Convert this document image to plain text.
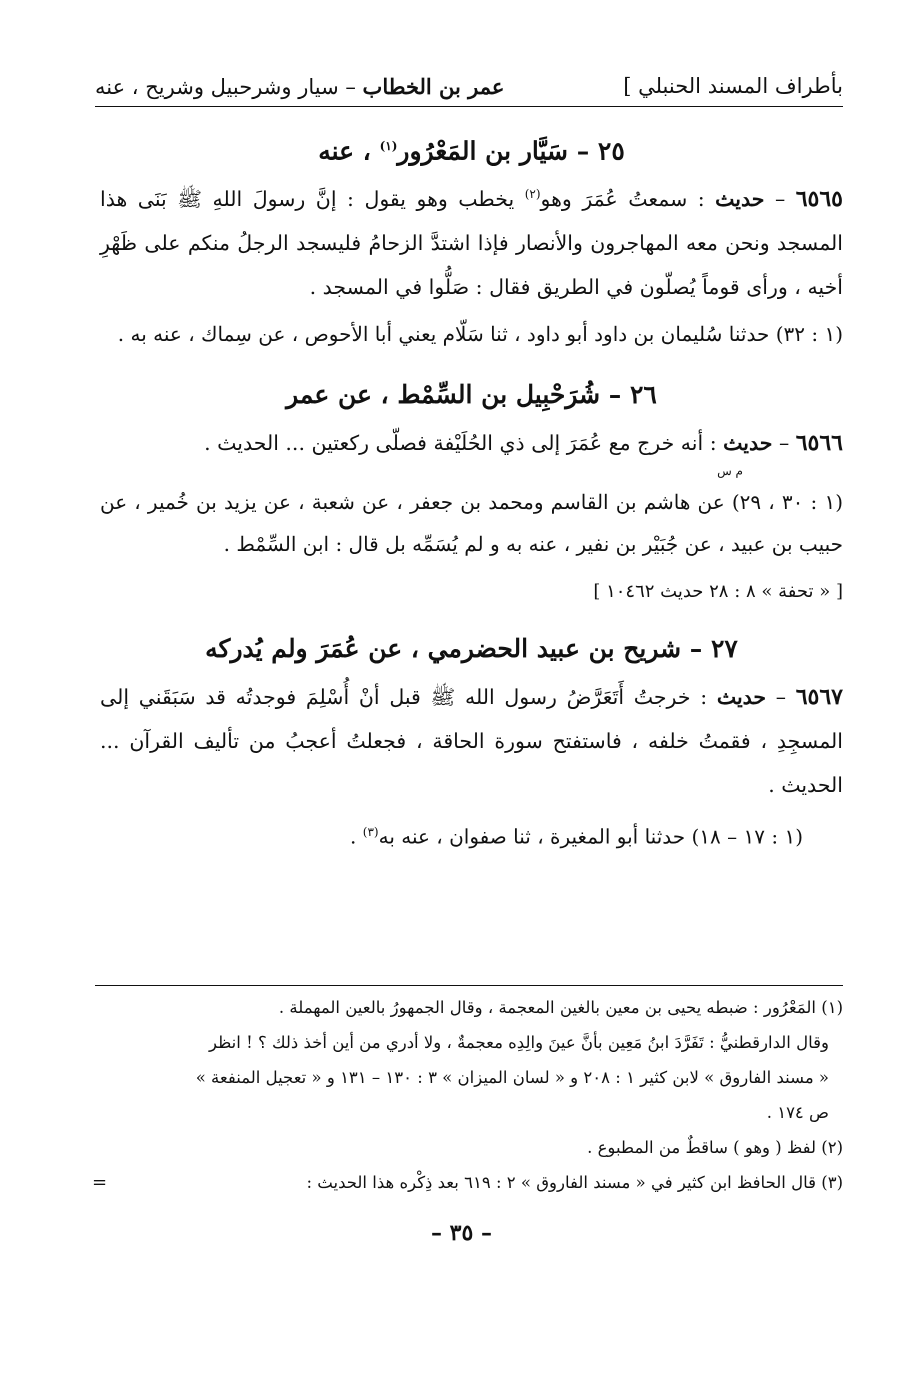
بأطراف المسند الحنبلي ]
عمر بن الخطاب – سيار وشرحبيل وشريح ، عنه
٢٥ – سَيَّار بن المَعْرُور$^{(١)}$ ، عنه
٦٥٦٥ – حديث : سمعتُ عُمَرَ وهو$^{(٢)}$ يخطب وهو يقول : إنَّ رسولَ اللهِ ﷺ بَنَى هذا المسجد ونحن معه المهاجرون والأنصار فإذا اشتدَّ الزحامُ فليسجد الرجلُ منكم على ظَهْرِ أخيه ، ورأى قوماً يُصلّون في الطريق فقال : صَلُّوا في المسجد .
(١ : ٣٢) حدثنا سُليمان بن داود أبو داود ، ثنا سَلّام يعني أبا الأحوص ، عن سِماك ، عنه به .
٢٦ – شُرَحْبِيل بن السِّمْط ، عن عمر
٦٥٦٦ – حديث : أنه خرج مع عُمَرَ إلى ذي الحُلَيْفة فصلّى ركعتين ... الحديث .
م س
(١ : ٣٠ ، ٢٩) عن هاشم بن القاسم ومحمد بن جعفر ، عن شعبة ، عن يزيد بن خُمير ، عن حبيب بن عبيد ، عن جُبَيْر بن نفير ، عنه به و لم يُسَمِّه بل قال : ابن السِّمْط .
[ « تحفة » ٨ : ٢٨ حديث ١٠٤٦٢ ]
٢٧ – شريح بن عبيد الحضرمي ، عن عُمَرَ ولم يُدركه
٦٥٦٧ – حديث : خرجتُ أَتَعَرَّضُ رسول الله ﷺ قبل أنْ أُسْلِمَ فوجدتُه قد سَبَقَني إلى المسجِدِ ، فقمتُ خلفه ، فاستفتح سورة الحاقة ، فجعلتُ أعجبُ من تأليف القرآن ... الحديث .
(١ : ١٧ – ١٨) حدثنا أبو المغيرة ، ثنا صفوان ، عنه به$^{(٣)}$ .
(١) المَعْرُور : ضبطه يحيى بن معين بالغين المعجمة ، وقال الجمهورُ بالعين المهملة .
وقال الدارقطنيُّ : تَفَرَّدَ ابنُ مَعِين بأنَّ عينَ والِدِه معجمةٌ ، ولا أدري من أين أخذ ذلك ؟ ! انظر
« مسند الفاروق » لابن كثير ١ : ٢٠٨ و « لسان الميزان » ٣ : ١٣٠ – ١٣١ و « تعجيل المنفعة »
ص ١٧٤ .
(٢) لفظ ( وهو ) ساقطٌ من المطبوع .
(٣) قال الحافظ ابن كثير في « مسند الفاروق » ٢ : ٦١٩ بعد ذِكْره هذا الحديث :
=
– ٣٥ –
